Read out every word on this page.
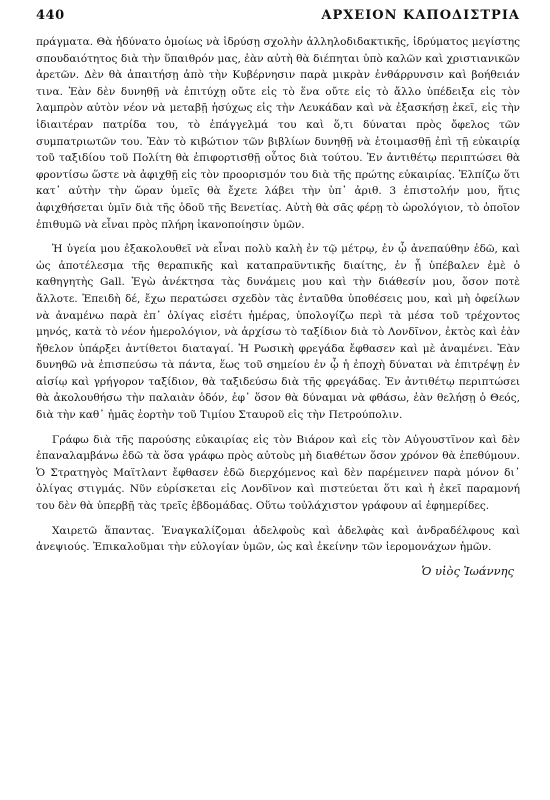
440	ΑΡΧΕΙΟΝ ΚΑΠΟΔΙΣΤΡΙΑ

πράγματα. Θὰ ἠδύνατο ὁμοίως νὰ ἱδρύσῃ σχολὴν ἀλληλοδιδακτικῆς, ἱδρύματος μεγίστης σπουδαιότητος διὰ τὴν ὕπαιθρόν μας, ἐὰν αὐτὴ θὰ διέπηται ὑπὸ καλῶν καὶ χριστιανικῶν ἀρετῶν. Δὲν θὰ ἀπαιτήσῃ ἀπὸ τὴν Κυβέρνησιν παρὰ μικρὰν ἐνθάρρυνσιν καὶ βοήθειάν τινα. Ἐὰν δὲν δυνηθῇ νὰ ἐπιτύχῃ οὔτε εἰς τὸ ἕνα οὔτε εἰς τὸ ἄλλο ὑπέδειξα εἰς τὸν λαμπρὸν αὐτὸν νέον νὰ μεταβῇ ἡσύχως εἰς τὴν Λευκάδαν καὶ νὰ ἐξασκήσῃ ἐκεῖ, εἰς τὴν ἰδιαιτέραν πατρίδα του, τὸ ἐπάγγελμά του καὶ ὅ,τι δύναται πρὸς ὄφελος τῶν συμπατριωτῶν του. Ἐὰν τὸ κιβώτιον τῶν βιβλίων δυνηθῇ νὰ ἑτοιμασθῇ ἐπὶ τῇ εὐκαιρίᾳ τοῦ ταξιδίου τοῦ Πολίτη θὰ ἐπιφορτισθῇ οὗτος διὰ τούτου. Ἐν ἀντιθέτῳ περιπτώσει θὰ φροντίσω ὥστε νὰ ἀφιχθῇ εἰς τὸν προορισμόν του διὰ τῆς πρώτης εὐκαιρίας. Ἐλπίζω ὅτι κατ᾽ αὐτὴν τὴν ὥραν ὑμεῖς θὰ ἔχετε λάβει τὴν ὑπ᾽ ἀριθ. 3 ἐπιστολήν μου, ἥτις ἀφιχθήσεται ὑμῖν διὰ τῆς ὁδοῦ τῆς Βενετίας. Αὐτὴ θὰ σᾶς φέρῃ τὸ ὡρολόγιον, τὸ ὁποῖον ἐπιθυμῶ νὰ εἶναι πρὸς πλήρη ἱκανοποίησιν ὑμῶν.

Ἡ ὑγεία μου ἐξακολουθεῖ νὰ εἶναι πολὺ καλὴ ἐν τῷ μέτρῳ, ἐν ᾧ ἀνεπαύθην ἐδῶ, καὶ ὡς ἀποτέλεσμα τῆς θεραπικῆς καὶ καταπραϋντικῆς διαίτης, ἐν ᾗ ὑπέβαλεν ἐμὲ ὁ καθηγητὴς Gall. Ἐγὼ ἀνέκτησα τὰς δυνάμεις μου καὶ τὴν διάθεσίν μου, ὅσον ποτὲ ἄλλοτε. Ἐπειδὴ δέ, ἔχω περατώσει σχεδὸν τὰς ἐνταῦθα ὑποθέσεις μου, καὶ μὴ ὀφείλων νὰ ἀναμένω παρὰ ἐπ᾽ ὀλίγας εἰσέτι ἡμέρας, ὑπολογίζω περὶ τὰ μέσα τοῦ τρέχοντος μηνός, κατὰ τὸ νέον ἡμερολόγιον, νὰ ἀρχίσω τὸ ταξίδιον διὰ τὸ Λονδῖνον, ἐκτὸς καὶ ἐὰν ἤθελον ὑπάρξει ἀντίθετοι διαταγαί. Ἡ Ρωσικὴ φρεγάδα ἔφθασεν καὶ μὲ ἀναμένει. Ἐὰν δυνηθῶ νὰ ἐπισπεύσω τὰ πάντα, ἕως τοῦ σημείου ἐν ᾧ ἡ ἐποχὴ δύναται νὰ ἐπιτρέψῃ ἐν αἰσίῳ καὶ γρήγορον ταξίδιον, θὰ ταξιδεύσω διὰ τῆς φρεγάδας. Ἐν ἀντιθέτῳ περιπτώσει θὰ ἀκολουθήσω τὴν παλαιὰν ὁδόν, ἐφ᾽ ὅσον θὰ δύναμαι νὰ φθάσω, ἐὰν θελήσῃ ὁ Θεός, διὰ τὴν καθ᾽ ἡμᾶς ἑορτὴν τοῦ Τιμίου Σταυροῦ εἰς τὴν Πετρούπολιν.

Γράφω διὰ τῆς παρούσης εὐκαιρίας εἰς τὸν Βιάρον καὶ εἰς τὸν Αὐγουστῖνον καὶ δὲν ἐπαναλαμβάνω ἐδῶ τὰ ὅσα γράφω πρὸς αὐτοὺς μὴ διαθέτων ὅσον χρόνον θὰ ἐπεθύμουν. Ὁ Στρατηγὸς Μαϊτλαντ ἔφθασεν ἐδῶ διερχόμενος καὶ δὲν παρέμεινεν παρὰ μόνον δι᾽ ὀλίγας στιγμάς. Νῦν εὑρίσκεται εἰς Λονδῖνον καὶ πιστεύεται ὅτι καὶ ἡ ἐκεῖ παραμονή του δὲν θὰ ὑπερβῇ τὰς τρεῖς ἑβδομάδας. Οὕτω τοὐλάχιστον γράφουν αἱ ἐφημερίδες.

Χαιρετῶ ἅπαντας. Ἐναγκαλίζομαι ἀδελφοὺς καὶ ἀδελφὰς καὶ ἀνδραδέλφους καὶ ἀνεψιούς. Ἐπικαλοῦμαι τὴν εὐλογίαν ὑμῶν, ὡς καὶ ἐκείνην τῶν ἱερομονάχων ἡμῶν.

Ὁ υἱὸς Ἰωάννης
